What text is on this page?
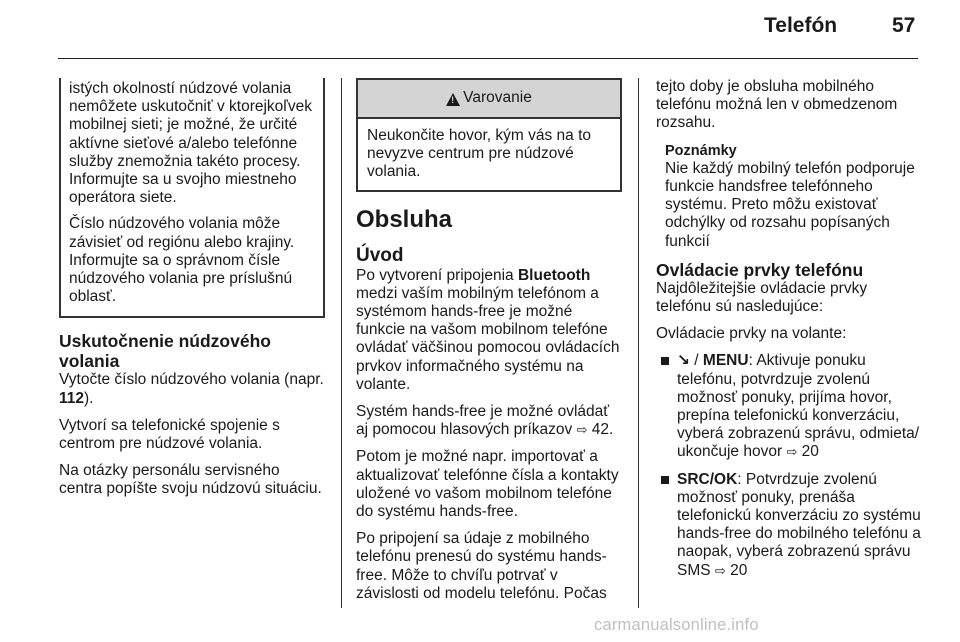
Telefón	57

istých okolností núdzové volania nemôžete uskutočniť v ktorejkoľvek mobilnej sieti; je možné, že určité aktívne sieťové a/alebo telefónne služby znemožnia takéto procesy. Informujte sa u svojho miestneho operátora siete.

Číslo núdzového volania môže závisieť od regiónu alebo krajiny. Informujte sa o správnom čísle núdzového volania pre príslušnú oblasť.

Uskutočnenie núdzového volania

Vytočte číslo núdzového volania (napr. 112).

Vytvorí sa telefonické spojenie s centrom pre núdzové volania.

Na otázky personálu servisného centra popíšte svoju núdzovú situáciu.

!
Varovanie
Neukončite hovor, kým vás na to nevyzve centrum pre núdzové volania.
Obsluha
Úvod

Po vytvorení pripojenia Bluetooth medzi vaším mobilným telefónom a systémom hands-free je možné funkcie na vašom mobilnom telefóne ovládať väčšinou pomocou ovládacích prvkov informačného systému na volante.

Systém hands-free je možné ovládať aj pomocou hlasových príkazov ⇨ 42.

Potom je možné napr. importovať a aktualizovať telefónne čísla a kontakty uložené vo vašom mobilnom telefóne do systému hands-free.

Po pripojení sa údaje z mobilného telefónu prenesú do systému hands-free. Môže to chvíľu potrvať v závislosti od modelu telefónu. Počas

tejto doby je obsluha mobilného telefónu možná len v obmedzenom rozsahu.

Poznámky
Nie každý mobilný telefón podporuje funkcie handsfree telefónneho systému. Preto môžu existovať odchýlky od rozsahu popísaných funkcií
Ovládacie prvky telefónu

Najdôležitejšie ovládacie prvky telefónu sú nasledujúce:

Ovládacie prvky na volante:

↘ / MENU: Aktivuje ponuku telefónu, potvrdzuje zvolenú možnosť ponuky, prijíma hovor, prepína telefonickú konverzáciu, vyberá zobrazenú správu, odmieta/ ukončuje hovor ⇨ 20
SRC/OK: Potvrdzuje zvolenú možnosť ponuky, prenáša telefonickú konverzáciu zo systému hands-free do mobilného telefónu a naopak, vyberá zobrazenú správu SMS ⇨ 20
carmanualsonline.info
